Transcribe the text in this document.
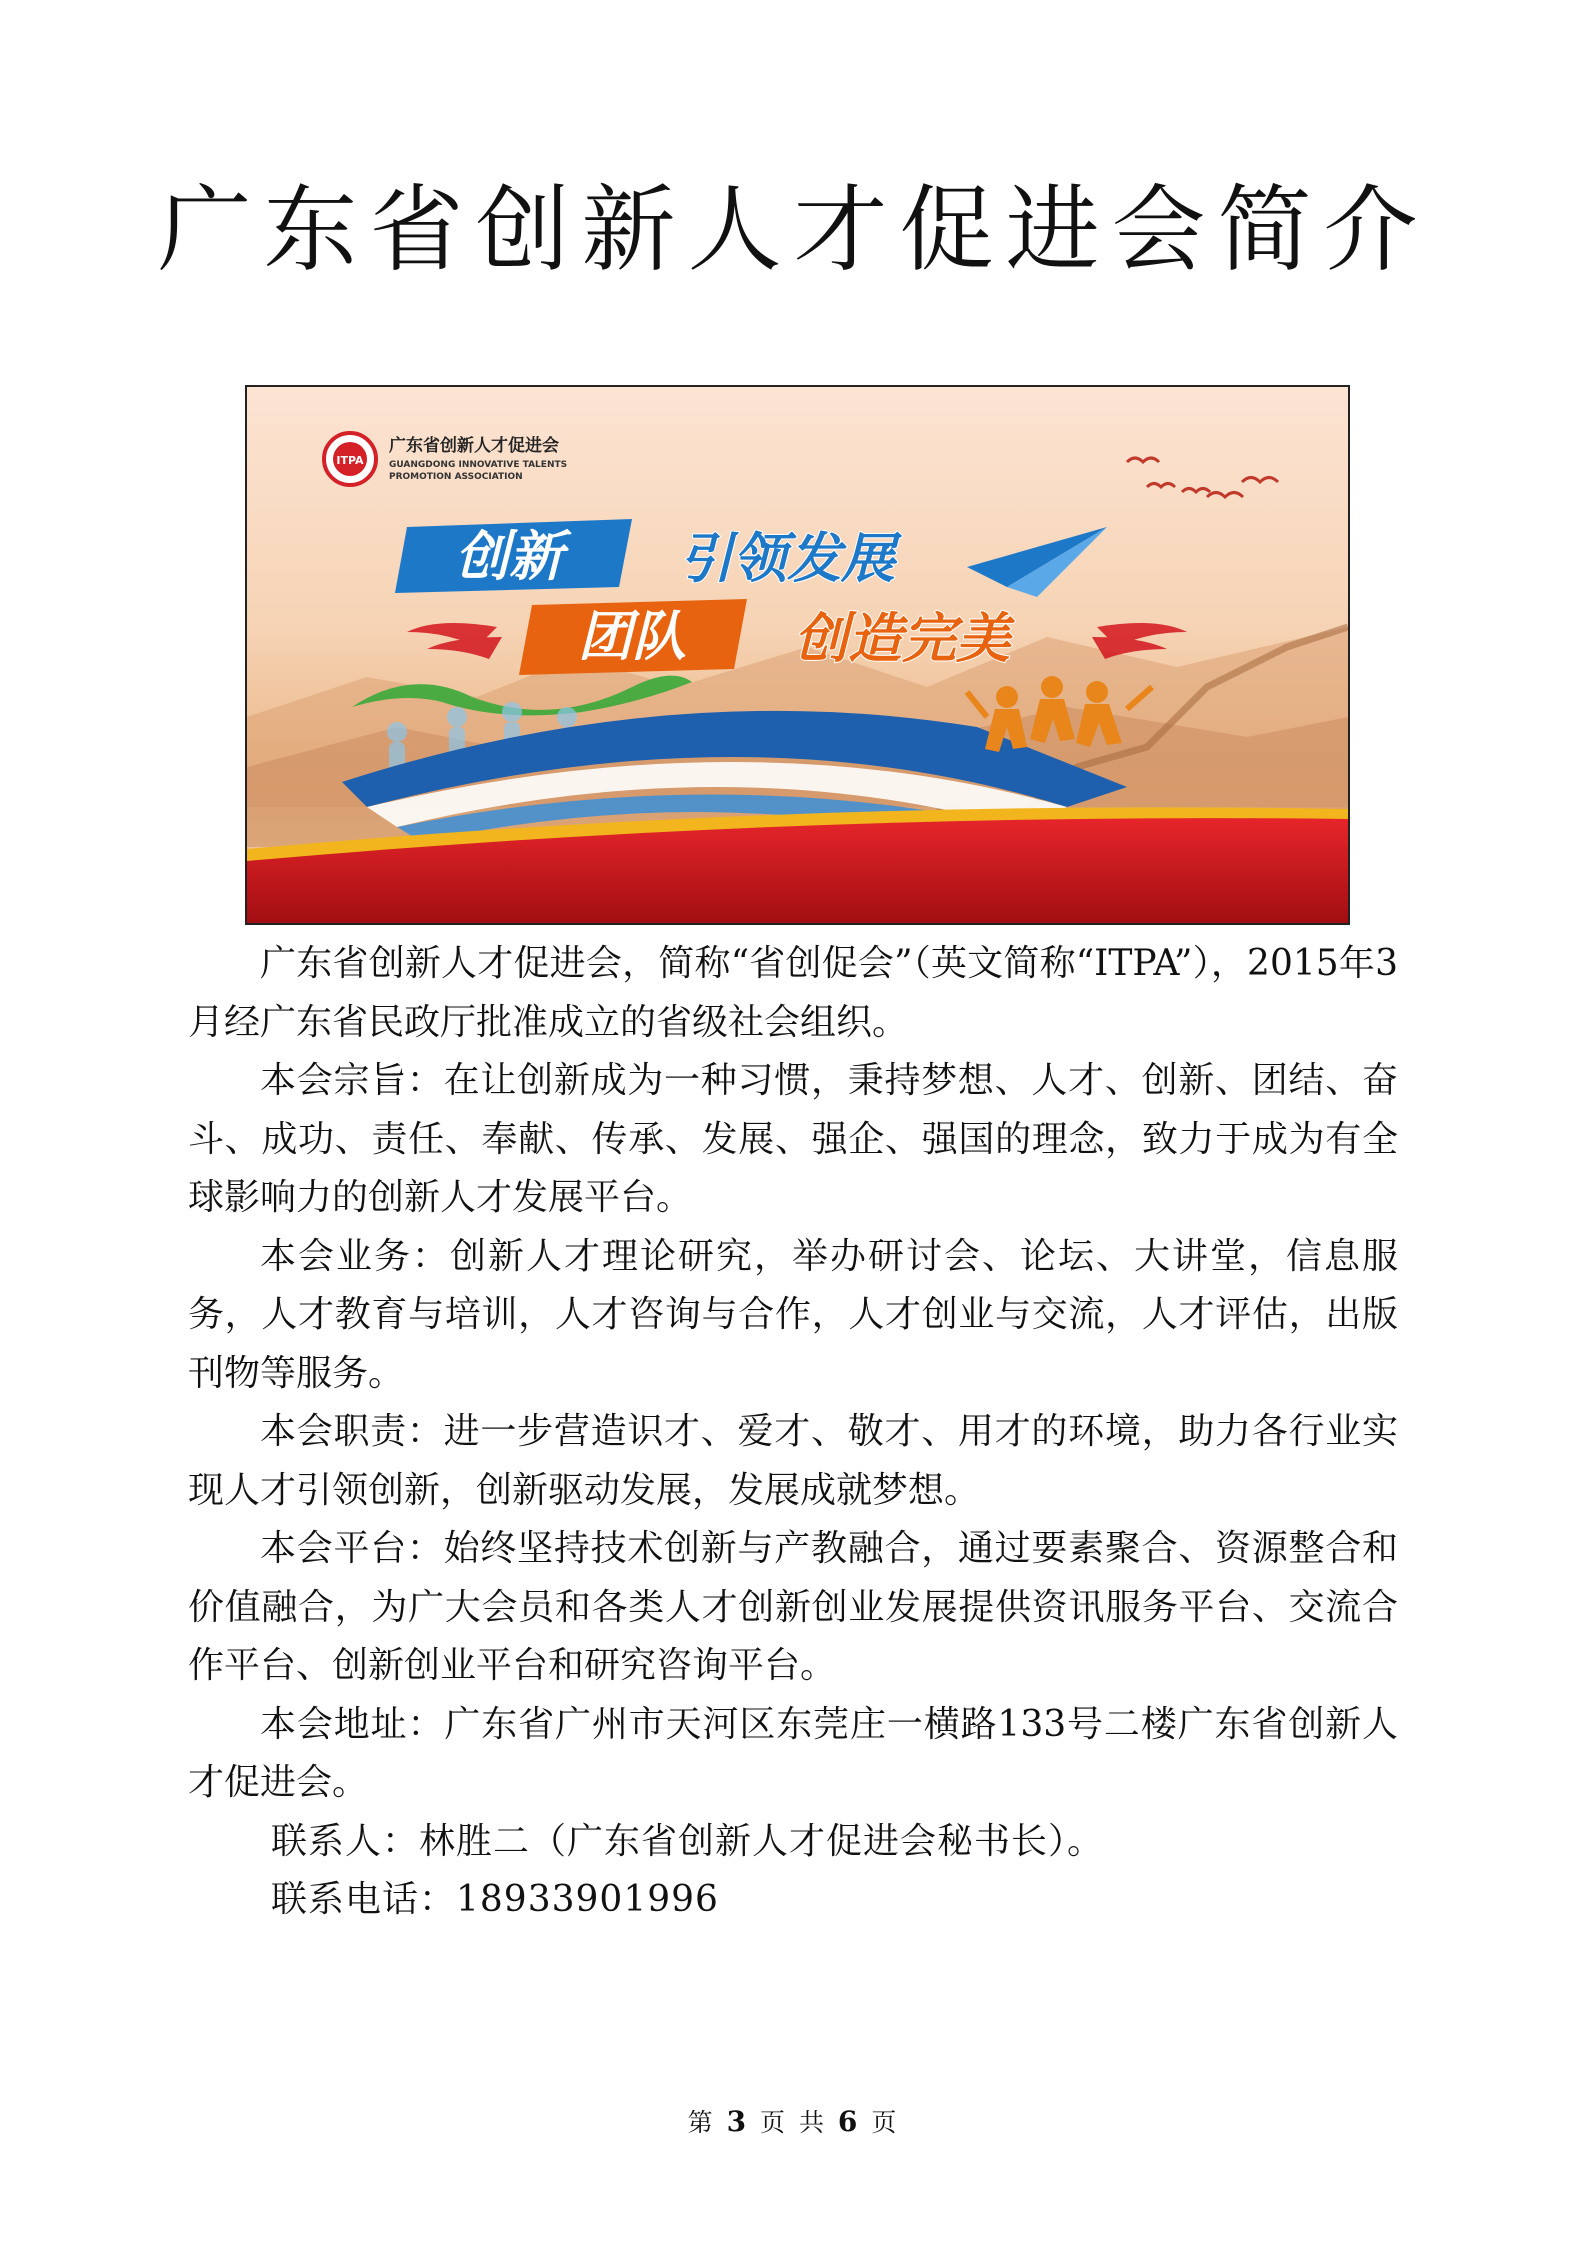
广东省创新人才促进会简介
ITPA
广东省创新人才促进会
GUANGDONG INNOVATIVE TALENTS
PROMOTION ASSOCIATION
创新 引领发展
团队 创造完美

广东省创新人才促进会，简称“省创促会”（英文简称“ITPA”），2015年3月经广东省民政厅批准成立的省级社会组织。

本会宗旨：在让创新成为一种习惯，秉持梦想、人才、创新、团结、奋斗、成功、责任、奉献、传承、发展、强企、强国的理念，致力于成为有全球影响力的创新人才发展平台。

本会业务：创新人才理论研究，举办研讨会、论坛、大讲堂，信息服务，人才教育与培训，人才咨询与合作，人才创业与交流，人才评估，出版刊物等服务。

本会职责：进一步营造识才、爱才、敬才、用才的环境，助力各行业实现人才引领创新，创新驱动发展，发展成就梦想。

本会平台：始终坚持技术创新与产教融合，通过要素聚合、资源整合和价值融合，为广大会员和各类人才创新创业发展提供资讯服务平台、交流合作平台、创新创业平台和研究咨询平台。

本会地址：广东省广州市天河区东莞庄一横路133号二楼广东省创新人才促进会。

联系人：林胜二（广东省创新人才促进会秘书长）。

联系电话：18933901996

第 3 页 共 6 页
